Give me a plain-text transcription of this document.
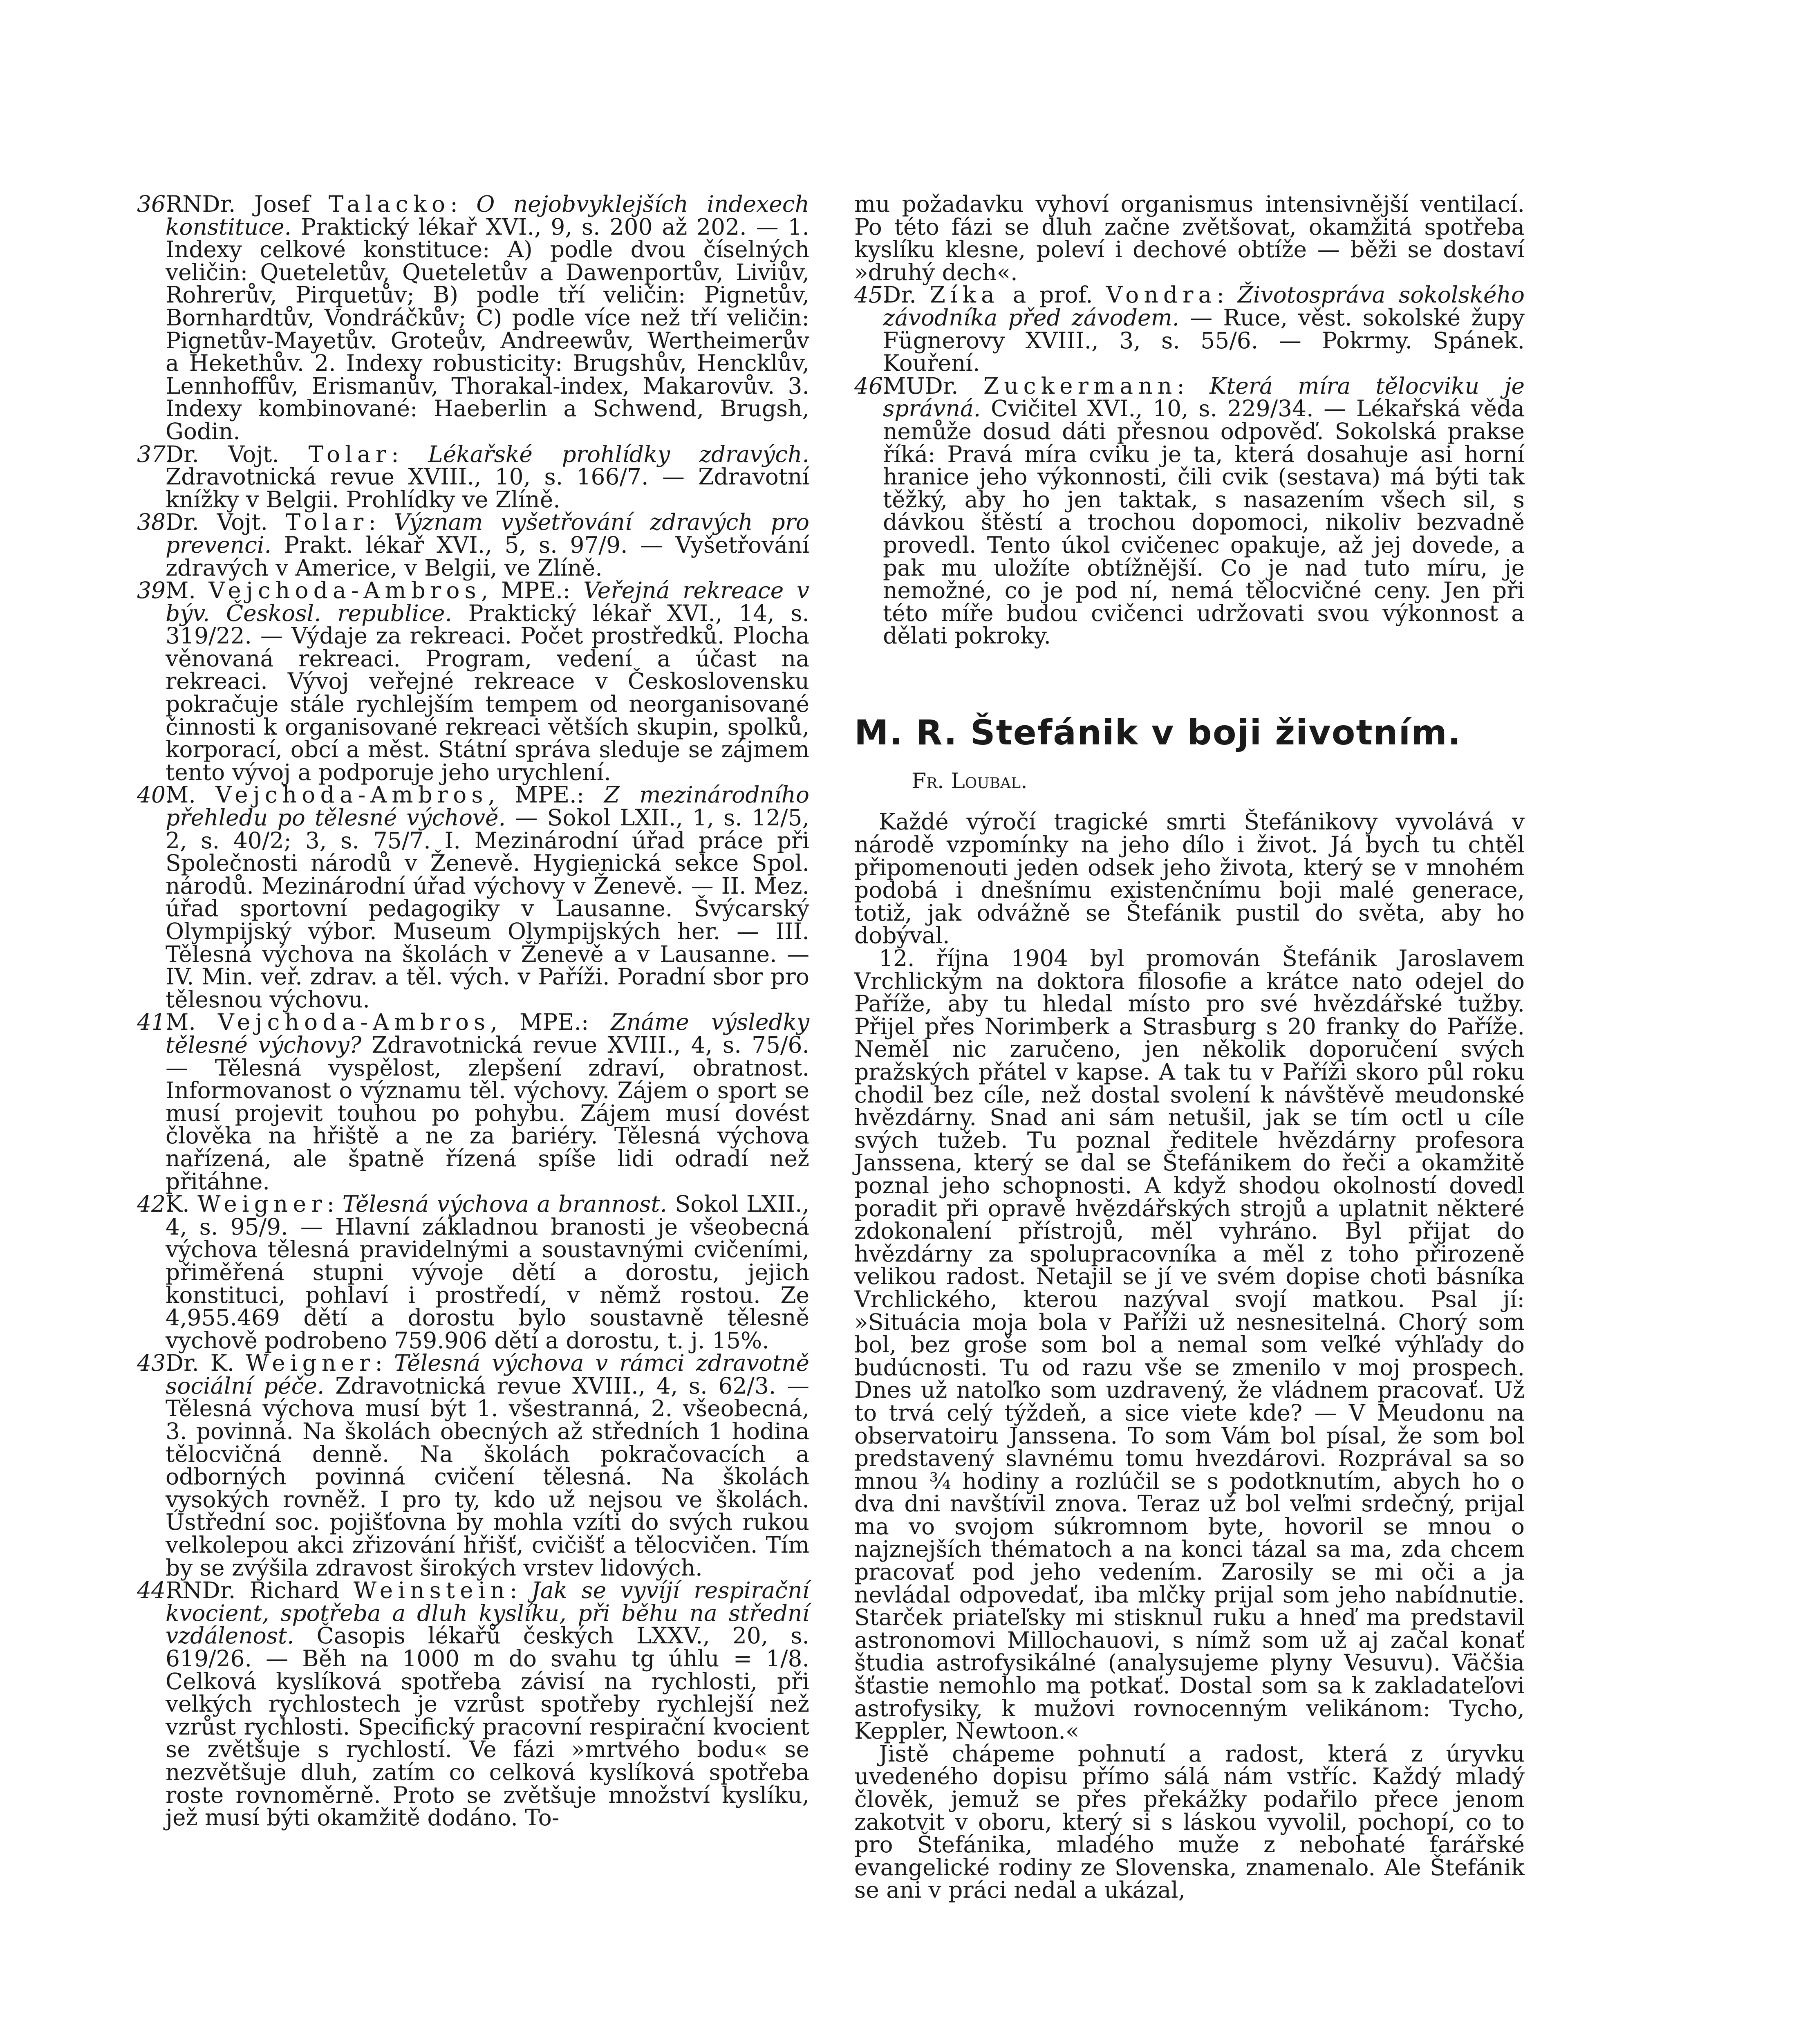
36.RNDr. Josef Talacko: O nejobvyklejších indexech konstituce. Praktický lékař XVI., 9, s. 200 až 202. — 1. Indexy celkové konstituce: A) podle dvou číselných veličin: Queteletův, Queteletův a Dawenportův, Liviův, Rohrerův, Pirquetův; B) podle tří veličin: Pignetův, Bornhardtův, Vondráčkův; C) podle více než tří veličin: Pignetův-Mayetův. Groteův, Andreewův, Wertheimerův a Hekethův. 2. Indexy robusticity: Brugshův, Hencklův, Lennhoffův, Erismanův, Thorakal-index, Makarovův. 3. Indexy kombinované: Haeberlin a Schwend, Brugsh, Godin.

37.Dr. Vojt. Tolar: Lékařské prohlídky zdravých. Zdravotnická revue XVIII., 10, s. 166/7. — Zdravotní knížky v Belgii. Prohlídky ve Zlíně.

38.Dr. Vojt. Tolar: Význam vyšetřování zdravých pro prevenci. Prakt. lékař XVI., 5, s. 97/9. — Vyšetřování zdravých v Americe, v Belgii, ve Zlíně.

39.M. Vejchoda-Ambros, MPE.: Veřejná rekreace v býv. Českosl. republice. Praktický lékař XVI., 14, s. 319/22. — Výdaje za rekreaci. Počet prostředků. Plocha věnovaná rekreaci. Program, vedení a účast na rekreaci. Vývoj veřejné rekreace v Československu pokračuje stále rychlejším tempem od neorganisované činnosti k organisované rekreaci větších skupin, spolků, korporací, obcí a měst. Státní správa sleduje se zájmem tento vývoj a podporuje jeho urychlení.

40.M. Vejchoda-Ambros, MPE.: Z mezinárodního přehledu po tělesné výchově. — Sokol LXII., 1, s. 12/5, 2, s. 40/2; 3, s. 75/7. I. Mezinárodní úřad práce při Společnosti národů v Ženevě. Hygienická sekce Spol. národů. Mezinárodní úřad výchovy v Ženevě. — II. Mez. úřad sportovní pedagogiky v Lausanne. Švýcarský Olympijský výbor. Museum Olympijských her. — III. Tělesná výchova na školách v Ženevě a v Lausanne. — IV. Min. veř. zdrav. a těl. vých. v Paříži. Poradní sbor pro tělesnou výchovu.

41.M. Vejchoda-Ambros, MPE.: Známe výsledky tělesné výchovy? Zdravotnická revue XVIII., 4, s. 75/6. — Tělesná vyspělost, zlepšení zdraví, obratnost. Informovanost o významu těl. výchovy. Zájem o sport se musí projevit touhou po pohybu. Zájem musí dovést člověka na hřiště a ne za bariéry. Tělesná výchova nařízená, ale špatně řízená spíše lidi odradí než přitáhne.

42.K. Weigner: Tělesná výchova a brannost. Sokol LXII., 4, s. 95/9. — Hlavní základnou branosti je všeobecná výchova tělesná pravidelnými a soustavnými cvičeními, přiměřená stupni vývoje dětí a dorostu, jejich konstituci, pohlaví i prostředí, v němž rostou. Ze 4,955.469 dětí a dorostu bylo soustavně tělesně vychově podrobeno 759.906 dětí a dorostu, t. j. 15%.

43.Dr. K. Weigner: Tělesná výchova v rámci zdravotně sociální péče. Zdravotnická revue XVIII., 4, s. 62/3. — Tělesná výchova musí být 1. všestranná, 2. všeobecná, 3. povinná. Na školách obecných až středních 1 hodina tělocvičná denně. Na školách pokračovacích a odborných povinná cvičení tělesná. Na školách vysokých rovněž. I pro ty, kdo už nejsou ve školách. Ústřední soc. pojišťovna by mohla vzíti do svých rukou velkolepou akci zřizování hřišť, cvičišť a tělocvičen. Tím by se zvýšila zdravost širokých vrstev lidových.

44.RNDr. Richard Weinstein: Jak se vyvíjí respirační kvocient, spotřeba a dluh kyslíku, při běhu na střední vzdálenost. Časopis lékařů českých LXXV., 20, s. 619/26. — Běh na 1000 m do svahu tg úhlu = 1/8. Celková kyslíková spotřeba závisí na rychlosti, při velkých rychlostech je vzrůst spotřeby rychlejší než vzrůst rychlosti. Specifický pracovní respirační kvocient se zvětšuje s rychlostí. Ve fázi »mrtvého bodu« se nezvětšuje dluh, zatím co celková kyslíková spotřeba roste rovnoměrně. Proto se zvětšuje množství kyslíku, jež musí býti okamžitě dodáno. To-

mu požadavku vyhoví organismus intensivnější ventilací. Po této fázi se dluh začne zvětšovat, okamžitá spotřeba kyslíku klesne, poleví i dechové obtíže — běži se dostaví »druhý dech«.

45.Dr. Zíka a prof. Vondra: Životospráva sokolského závodníka před závodem. — Ruce, věst. sokolské župy Fügnerovy XVIII., 3, s. 55/6. — Pokrmy. Spánek. Kouření.

46.MUDr. Zuckermann: Která míra tělocviku je správná. Cvičitel XVI., 10, s. 229/34. — Lékařská věda nemůže dosud dáti přesnou odpověď. Sokolská prakse říká: Pravá míra cviku je ta, která dosahuje asi horní hranice jeho výkonnosti, čili cvik (sestava) má býti tak těžký, aby ho jen taktak, s nasazením všech sil, s dávkou štěstí a trochou dopomoci, nikoliv bezvadně provedl. Tento úkol cvičenec opakuje, až jej dovede, a pak mu uložíte obtížnější. Co je nad tuto míru, je nemožné, co je pod ní, nemá tělocvičné ceny. Jen při této míře budou cvičenci udržovati svou výkonnost a dělati pokroky.

M. R. Štefánik v boji životním.
Fr. Loubal.

Každé výročí tragické smrti Štefánikovy vyvolává v národě vzpomínky na jeho dílo i život. Já bych tu chtěl připomenouti jeden odsek jeho života, který se v mnohém podobá i dnešnímu existenčnímu boji malé generace, totiž, jak odvážně se Štefánik pustil do světa, aby ho dobýval.

12. října 1904 byl promován Štefánik Jaroslavem Vrchlickým na doktora filosofie a krátce nato odejel do Paříže, aby tu hledal místo pro své hvězdářské tužby. Přijel přes Norimberk a Strasburg s 20 franky do Paříže. Neměl nic zaručeno, jen několik doporučení svých pražských přátel v kapse. A tak tu v Paříži skoro půl roku chodil bez cíle, než dostal svolení k návštěvě meudonské hvězdárny. Snad ani sám netušil, jak se tím octl u cíle svých tužeb. Tu poznal ředitele hvězdárny profesora Janssena, který se dal se Štefánikem do řeči a okamžitě poznal jeho schopnosti. A když shodou okolností dovedl poradit při opravě hvězdářských strojů a uplatnit některé zdokonalení přístrojů, měl vyhráno. Byl přijat do hvězdárny za spolupracovníka a měl z toho přirozeně velikou radost. Netajil se jí ve svém dopise choti básníka Vrchlického, kterou nazýval svojí matkou. Psal jí: »Situácia moja bola v Paříži už nesnesitelná. Chorý som bol, bez groše som bol a nemal som veľké výhľady do budúcnosti. Tu od razu vše se zmenilo v moj prospech. Dnes už natoľko som uzdravený, že vládnem pracovať. Už to trvá celý týždeň, a sice viete kde? — V Meudonu na observatoiru Janssena. To som Vám bol písal, že som bol predstavený slavnému tomu hvezdárovi. Rozprával sa so mnou ¾ hodiny a rozlúčil se s podotknutím, abych ho o dva dni navštívil znova. Teraz už bol veľmi srdečný, prijal ma vo svojom súkromnom byte, hovoril se mnou o najznejších thématoch a na konci tázal sa ma, zda chcem pracovať pod jeho vedením. Zarosily se mi oči a ja nevládal odpovedať, iba mlčky prijal som jeho nabídnutie. Starček priateľsky mi stisknul ruku a hneď ma predstavil astronomovi Millochauovi, s nímž som už aj začal konať študia astrofysikálné (analysujeme plyny Vesuvu). Väčšia šťastie nemohlo ma potkať. Dostal som sa k zakladateľovi astrofysiky, k mužovi rovnocenným velikánom: Tycho, Keppler, Newtoon.«

Jistě chápeme pohnutí a radost, která z úryvku uvedeného dopisu přímo sálá nám vstříc. Každý mladý člověk, jemuž se přes překážky podařilo přece jenom zakotvit v oboru, který si s láskou vyvolil, pochopí, co to pro Štefánika, mladého muže z nebohaté farářské evangelické rodiny ze Slovenska, znamenalo. Ale Štefánik se ani v práci nedal a ukázal,
